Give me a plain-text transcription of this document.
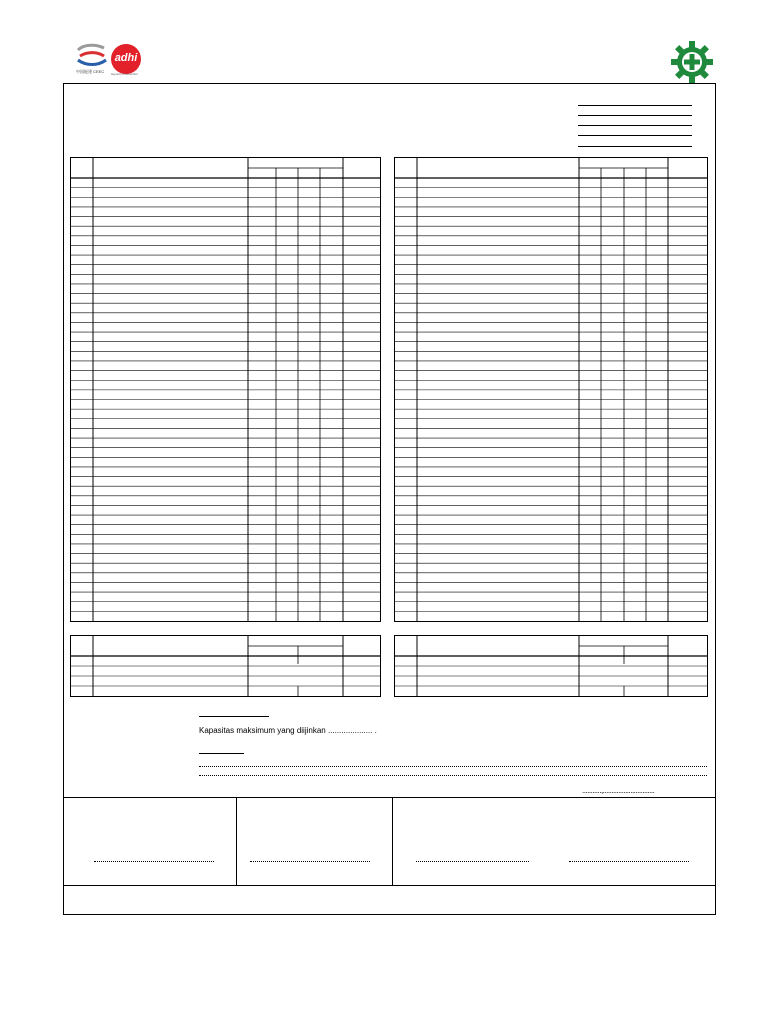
中国能建 CEEC
adhi
beyond construction
Kapasitas maksimum yang diijinkan .................... .
...........,..............................
